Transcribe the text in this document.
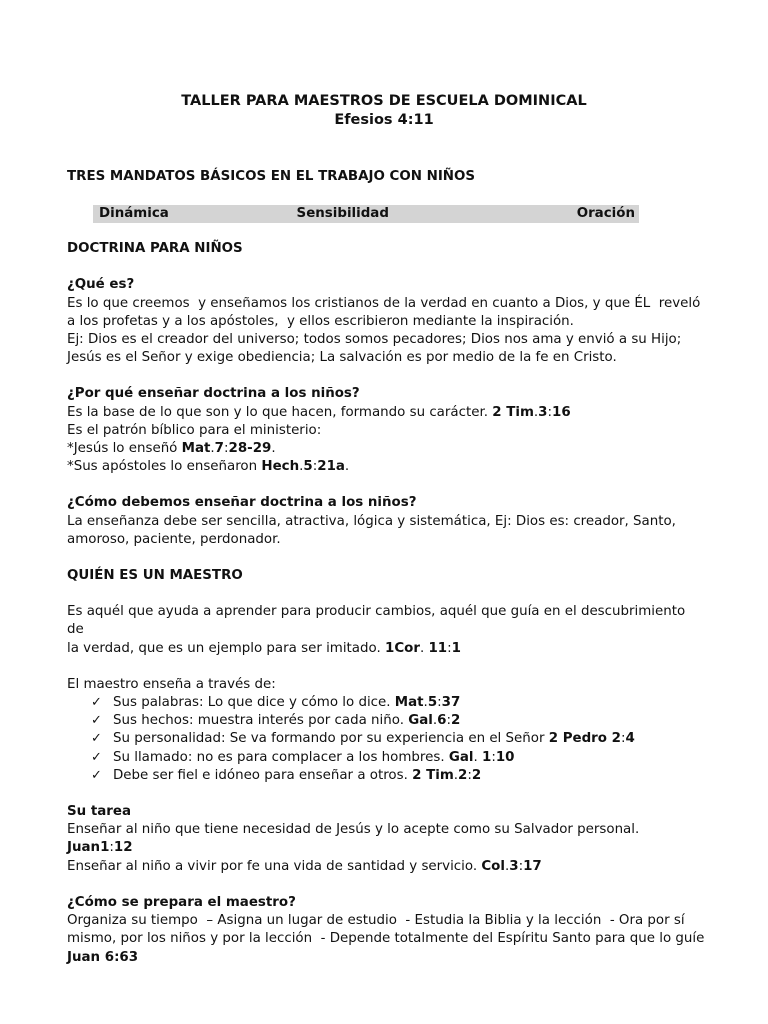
TALLER PARA MAESTROS DE ESCUELA DOMINICAL
Efesios 4:11
TRES MANDATOS BÁSICOS EN EL TRABAJO CON NIÑOS
Dinámica	Sensibilidad	Oración
DOCTRINA PARA NIÑOS
¿Qué es?
Es lo que creemos  y enseñamos los cristianos de la verdad en cuanto a Dios, y que ÉL  reveló
a los profetas y a los apóstoles,  y ellos escribieron mediante la inspiración.
Ej: Dios es el creador del universo; todos somos pecadores; Dios nos ama y envió a su Hijo;
Jesús es el Señor y exige obediencia; La salvación es por medio de la fe en Cristo.
¿Por qué enseñar doctrina a los niños?
Es la base de lo que son y lo que hacen, formando su carácter. 2 Tim.3:16
Es el patrón bíblico para el ministerio:
*Jesús lo enseñó Mat.7:28-29.
*Sus apóstoles lo enseñaron Hech.5:21a.
¿Cómo debemos enseñar doctrina a los niños?
La enseñanza debe ser sencilla, atractiva, lógica y sistemática, Ej: Dios es: creador, Santo,
amoroso, paciente, perdonador.
QUIÉN ES UN MAESTRO
Es aquél que ayuda a aprender para producir cambios, aquél que guía en el descubrimiento de
la verdad, que es un ejemplo para ser imitado. 1Cor. 11:1
El maestro enseña a través de:
✓ Sus palabras: Lo que dice y cómo lo dice. Mat.5:37
✓ Sus hechos: muestra interés por cada niño. Gal.6:2
✓ Su personalidad: Se va formando por su experiencia en el Señor 2 Pedro 2:4
✓ Su llamado: no es para complacer a los hombres. Gal. 1:10
✓ Debe ser fiel e idóneo para enseñar a otros. 2 Tim.2:2
Su tarea
Enseñar al niño que tiene necesidad de Jesús y lo acepte como su Salvador personal. Juan1:12
Enseñar al niño a vivir por fe una vida de santidad y servicio. Col.3:17
¿Cómo se prepara el maestro?
Organiza su tiempo  – Asigna un lugar de estudio  - Estudia la Biblia y la lección  - Ora por sí
mismo, por los niños y por la lección  - Depende totalmente del Espíritu Santo para que lo guíe
Juan 6:63
